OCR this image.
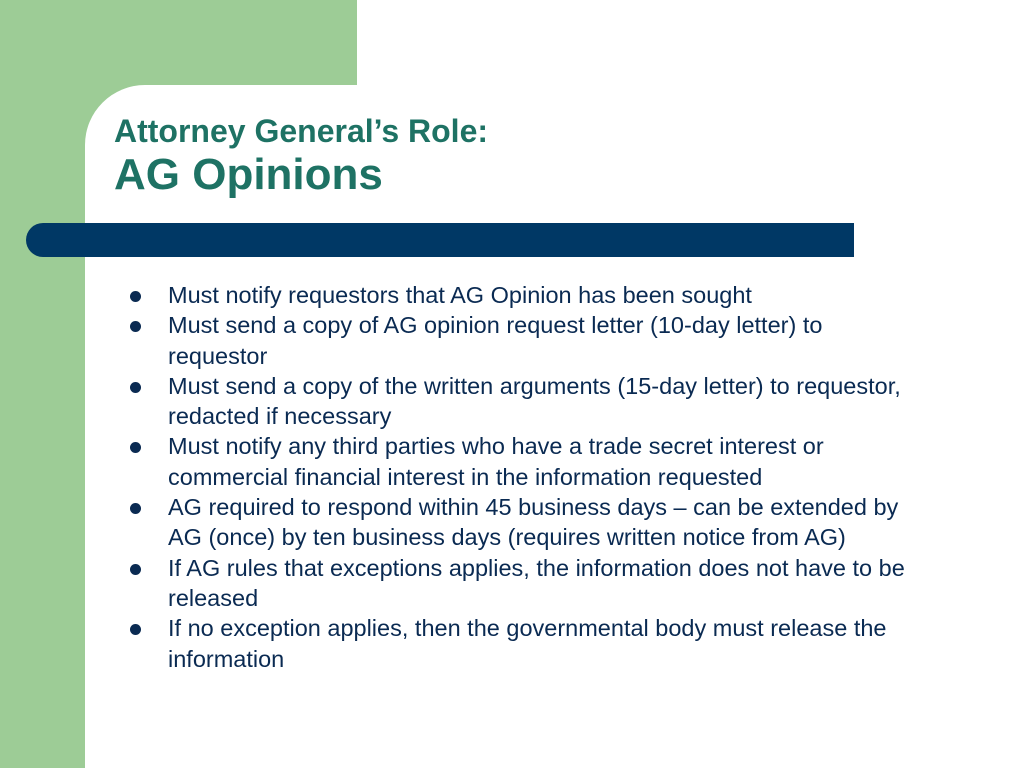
Attorney General’s Role:
AG Opinions
Must notify requestors that AG Opinion has been sought
Must send a copy of AG opinion request letter (10-day letter) to requestor
Must send a copy of the written arguments (15-day letter) to requestor, redacted if necessary
Must notify any third parties who have a trade secret interest or commercial financial interest in the information requested
AG required to respond within 45 business days – can be extended by AG (once) by ten business days (requires written notice from AG)
If AG rules that exceptions applies, the information does not have to be released
If no exception applies, then the governmental body must release the information
